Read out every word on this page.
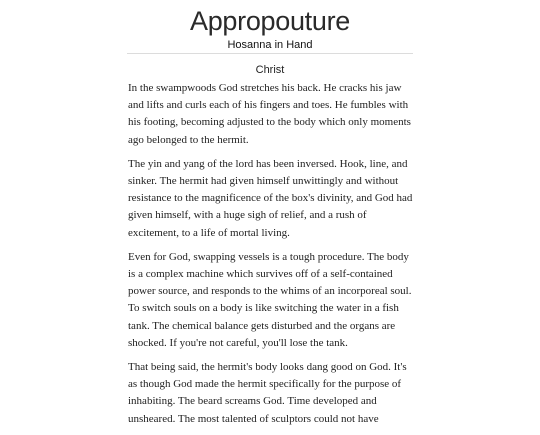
Appropouture
Hosanna in Hand
Christ

In the swampwoods God stretches his back. He cracks his jaw and lifts and curls each of his fingers and toes. He fumbles with his footing, becoming adjusted to the body which only moments ago belonged to the hermit.

The yin and yang of the lord has been inversed. Hook, line, and sinker. The hermit had given himself unwittingly and without resistance to the magnificence of the box's divinity, and God had given himself, with a huge sigh of relief, and a rush of excitement, to a life of mortal living.

Even for God, swapping vessels is a tough procedure. The body is a complex machine which survives off of a self-contained power source, and responds to the whims of an incorporeal soul. To switch souls on a body is like switching the water in a fish tank. The chemical balance gets disturbed and the organs are shocked. If you're not careful, you'll lose the tank.

That being said, the hermit's body looks dang good on God. It's as though God made the hermit specifically for the purpose of inhabiting. The beard screams God. Time developed and unsheared. The most talented of sculptors could not have
